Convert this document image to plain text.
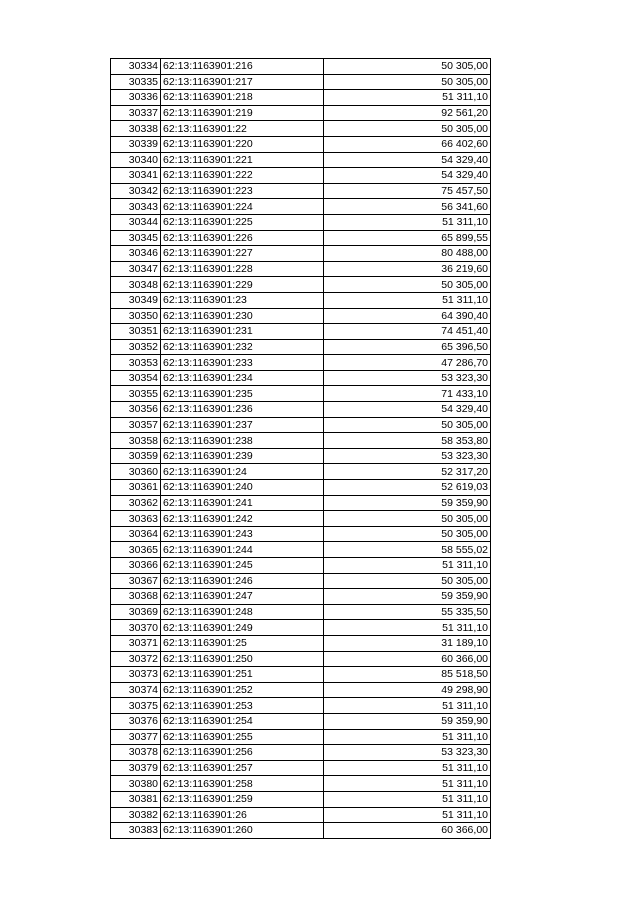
30334	62:13:1163901:216	50 305,00
30335	62:13:1163901:217	50 305,00
30336	62:13:1163901:218	51 311,10
30337	62:13:1163901:219	92 561,20
30338	62:13:1163901:22	50 305,00
30339	62:13:1163901:220	66 402,60
30340	62:13:1163901:221	54 329,40
30341	62:13:1163901:222	54 329,40
30342	62:13:1163901:223	75 457,50
30343	62:13:1163901:224	56 341,60
30344	62:13:1163901:225	51 311,10
30345	62:13:1163901:226	65 899,55
30346	62:13:1163901:227	80 488,00
30347	62:13:1163901:228	36 219,60
30348	62:13:1163901:229	50 305,00
30349	62:13:1163901:23	51 311,10
30350	62:13:1163901:230	64 390,40
30351	62:13:1163901:231	74 451,40
30352	62:13:1163901:232	65 396,50
30353	62:13:1163901:233	47 286,70
30354	62:13:1163901:234	53 323,30
30355	62:13:1163901:235	71 433,10
30356	62:13:1163901:236	54 329,40
30357	62:13:1163901:237	50 305,00
30358	62:13:1163901:238	58 353,80
30359	62:13:1163901:239	53 323,30
30360	62:13:1163901:24	52 317,20
30361	62:13:1163901:240	52 619,03
30362	62:13:1163901:241	59 359,90
30363	62:13:1163901:242	50 305,00
30364	62:13:1163901:243	50 305,00
30365	62:13:1163901:244	58 555,02
30366	62:13:1163901:245	51 311,10
30367	62:13:1163901:246	50 305,00
30368	62:13:1163901:247	59 359,90
30369	62:13:1163901:248	55 335,50
30370	62:13:1163901:249	51 311,10
30371	62:13:1163901:25	31 189,10
30372	62:13:1163901:250	60 366,00
30373	62:13:1163901:251	85 518,50
30374	62:13:1163901:252	49 298,90
30375	62:13:1163901:253	51 311,10
30376	62:13:1163901:254	59 359,90
30377	62:13:1163901:255	51 311,10
30378	62:13:1163901:256	53 323,30
30379	62:13:1163901:257	51 311,10
30380	62:13:1163901:258	51 311,10
30381	62:13:1163901:259	51 311,10
30382	62:13:1163901:26	51 311,10
30383	62:13:1163901:260	60 366,00
